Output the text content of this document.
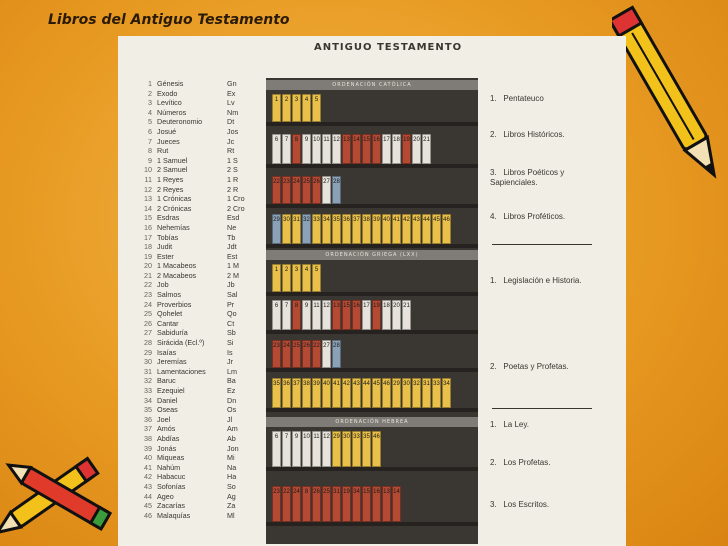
Libros del Antiguo Testamento
ANTIGUO TESTAMENTO
1 Génesis	Gn
2 Exodo	Ex
3 Levítico	Lv
4 Números	Nm
5 Deuteronomio	Dt
6 Josué	Jos
7 Jueces	Jc
8 Rut	Rt
9 1 Samuel	1 S
10 2 Samuel	2 S
11 1 Reyes	1 R
12 2 Reyes	2 R
13 1 Crónicas	1 Cro
14 2 Crónicas	2 Cro
15 Esdras	Esd
16 Nehemías	Ne
17 Tobías	Tb
18 Judit	Jdt
19 Ester	Est
20 1 Macabeos	1 M
21 2 Macabeos	2 M
22 Job	Jb
23 Salmos	Sal
24 Proverbios	Pr
25 Qohelet	Qo
26 Cantar	Ct
27 Sabiduría	Sb
28 Sirácida (Ecl.º)	Si
29 Isaías	Is
30 Jeremías	Jr
31 Lamentaciones	Lm
32 Baruc	Ba
33 Ezequiel	Ez
34 Daniel	Dn
35 Oseas	Os
36 Joel	Jl
37 Amós	Am
38 Abdías	Ab
39 Jonás	Jon
40 Miqueas	Mi
41 Nahúm	Na
42 Habacuc	Ha
43 Sofonías	So
44 Ageo	Ag
45 Zacarías	Za
46 Malaquías	Ml
ORDENACIÓN CATÓLICA
ORDENACIÓN GRIEGA (LXX)
ORDENACIÓN HEBREA
1	2	3	4	5
6	7	8	9 10 11 12 13 14 15 16 17 18 19 20 21
22 23 24 25 26 27 28
29 30 31 32 33 34 35 36 37 38 39 40 41 42 43 44 45 46
1	2	3	4	5
6	7	8	9 11 12 13 15 16 17 19 18 20 21
23 24 25 26 22 27 28
35 36 37 38 39 40 41 42 43 44 45 46 29 30 32 31 33 34
6	7	9 10 11 12 29 30 33 35 46
23 22 24 8 26 25 31 19 34 15 16 13 14
1. Pentateuco
2. Libros Históricos.
3. Libros Poéticos y Sapienciales.
4. Libros Proféticos.
1. Legislación e Historia.
2. Poetas y Profetas.
1. La Ley.
2. Los Profetas.
3. Los Escritos.
